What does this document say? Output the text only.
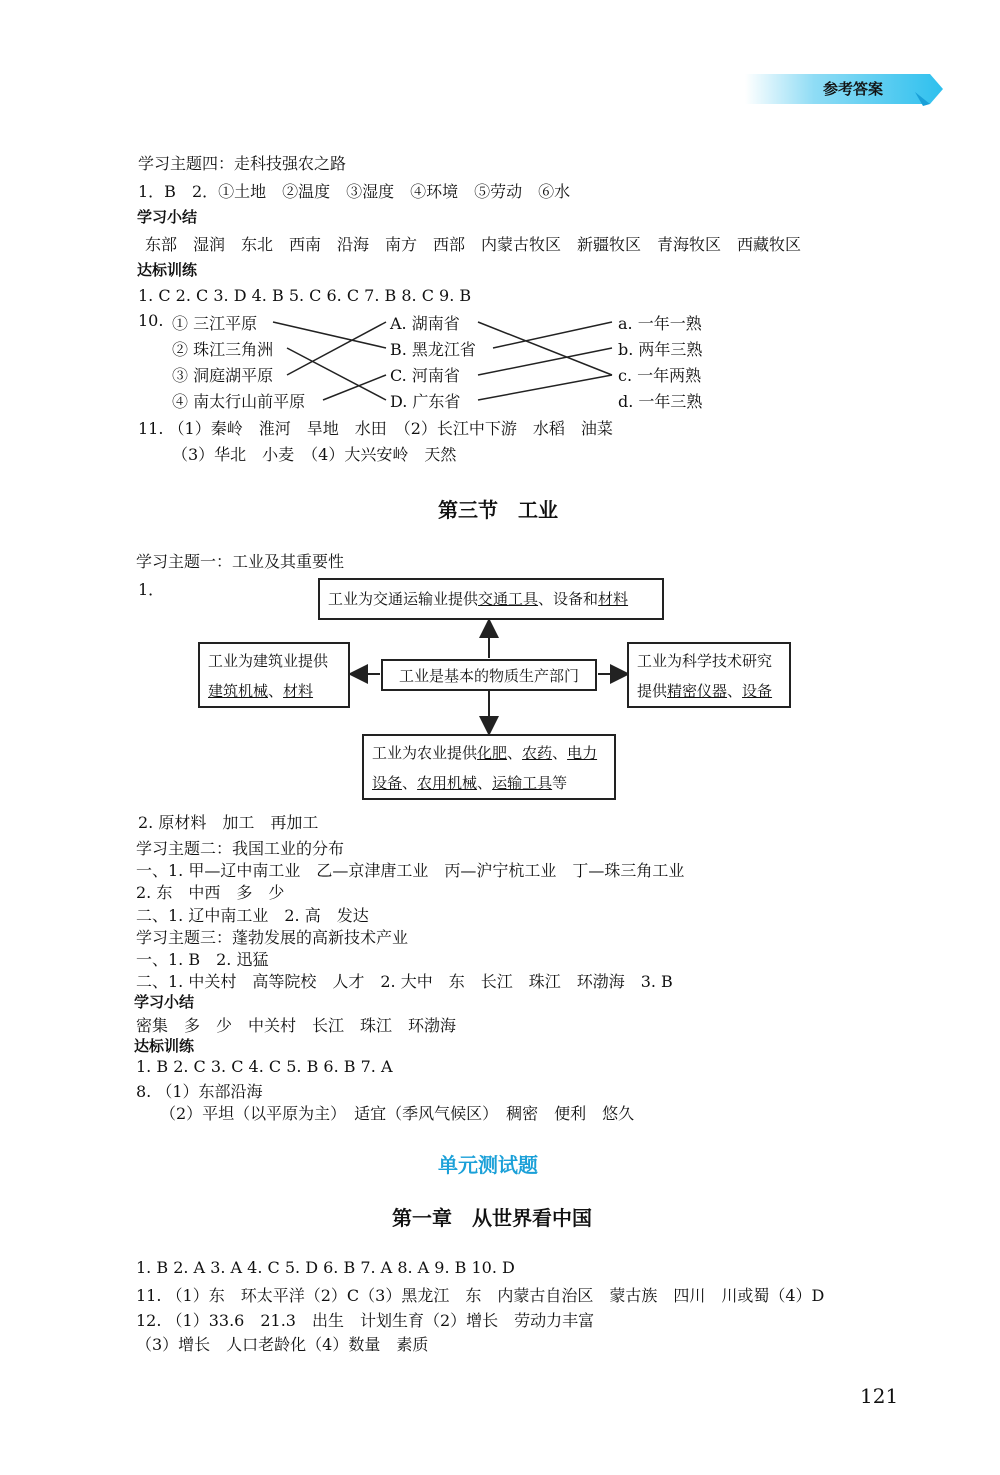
参考答案
学习主题四：走科技强农之路
1．B　2．①土地　②温度　③湿度　④环境　⑤劳动　⑥水
学习小结
东部　湿润　东北　西南　沿海　南方　西部　内蒙古牧区　新疆牧区　青海牧区　西藏牧区
达标训练
1. C 2. C 3. D 4. B 5. C 6. C 7. B 8. C 9. B
10. ① 三江平原
② 珠江三角洲
③ 洞庭湖平原
④ 南太行山前平原
A. 湖南省
B. 黑龙江省
C. 河南省
D. 广东省
a. 一年一熟
b. 两年三熟
c. 一年两熟
d. 一年三熟
11. （1）秦岭　淮河　旱地　水田　（2）长江中下游　水稻　油菜
（3）华北　小麦　（4）大兴安岭　天然
第三节　工业
学习主题一：工业及其重要性
1．	工业为交通运输业提供交通工具、设备和材料
工业是基本的物质生产部门
工业为建筑业提供
建筑机械、材料
工业为科学技术研究
提供精密仪器、设备
工业为农业提供化肥、农药、电力
设备、农用机械、运输工具等
2. 原材料　加工　再加工
学习主题二：我国工业的分布
一、1. 甲—辽中南工业　乙—京津唐工业　丙—沪宁杭工业　丁—珠三角工业
2. 东　中西　多　少
二、1. 辽中南工业　2. 高　发达
学习主题三：蓬勃发展的高新技术产业
一、1. B　2. 迅猛
二、1. 中关村　高等院校　人才　2. 大中　东　长江　珠江　环渤海　3. B
学习小结
密集　多　少　中关村　长江　珠江　环渤海
达标训练
1. B 2. C 3. C 4. C 5. B 6. B 7. A
8. （1）东部沿海
（2）平坦（以平原为主）　适宜（季风气候区）　稠密　便利　悠久
单元测试题
第一章　从世界看中国
1. B 2. A 3. A 4. C 5. D 6. B 7. A 8. A 9. B 10. D
11. （1）东　环太平洋（2）C（3）黑龙江　东　内蒙古自治区　蒙古族　四川　川或蜀（4）D
12. （1）33.6　21.3　出生　计划生育（2）增长　劳动力丰富
（3）增长　人口老龄化（4）数量　素质
121
